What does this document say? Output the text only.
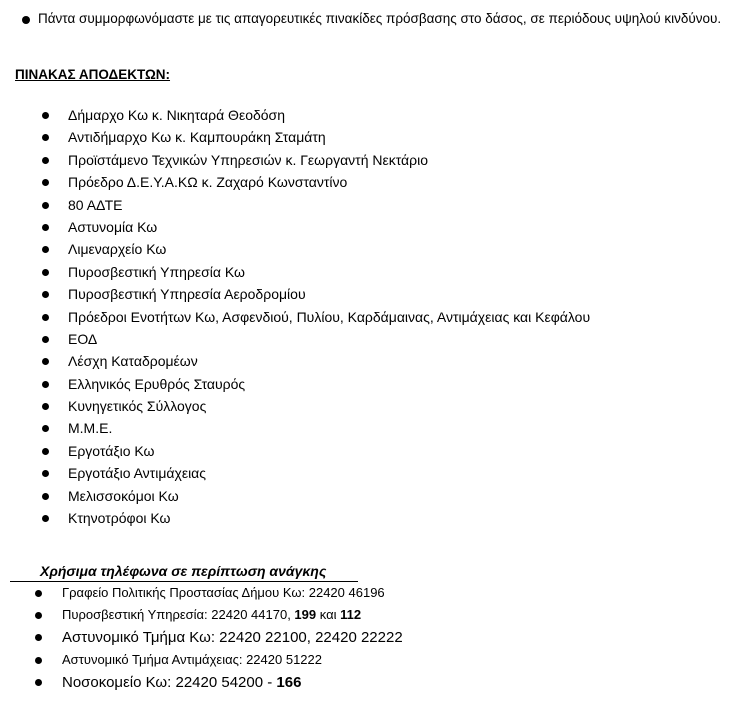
Πάντα συμμορφωνόμαστε με τις απαγορευτικές πινακίδες πρόσβασης στο δάσος, σε περιόδους υψηλού κινδύνου.
ΠΙΝΑΚΑΣ ΑΠΟΔΕΚΤΩΝ:
Δήμαρχο Κω κ. Νικηταρά Θεοδόση
Αντιδήμαρχο Κω κ. Καμπουράκη Σταμάτη
Προϊστάμενο Τεχνικών Υπηρεσιών κ. Γεωργαντή Νεκτάριο
Πρόεδρο Δ.Ε.Υ.Α.ΚΩ κ. Ζαχαρό Κωνσταντίνο
80 ΑΔΤΕ
Αστυνομία Κω
Λιμεναρχείο Κω
Πυροσβεστική Υπηρεσία Κω
Πυροσβεστική Υπηρεσία Αεροδρομίου
Πρόεδροι Ενοτήτων Κω, Ασφενδιού, Πυλίου, Καρδάμαινας, Αντιμάχειας και Κεφάλου
ΕΟΔ
Λέσχη Καταδρομέων
Ελληνικός Ερυθρός Σταυρός
Κυνηγετικός Σύλλογος
Μ.Μ.Ε.
Εργοτάξιο Κω
Εργοτάξιο Αντιμάχειας
Μελισσοκόμοι Κω
Κτηνοτρόφοι Κω
Χρήσιμα τηλέφωνα σε περίπτωση ανάγκης
Γραφείο Πολιτικής Προστασίας Δήμου Κω: 22420 46196
Πυροσβεστική Υπηρεσία: 22420 44170, 199 και 112
Αστυνομικό Τμήμα Κω: 22420 22100, 22420 22222
Αστυνομικό Τμήμα Αντιμάχειας: 22420 51222
Νοσοκομείο Κω: 22420 54200 - 166
